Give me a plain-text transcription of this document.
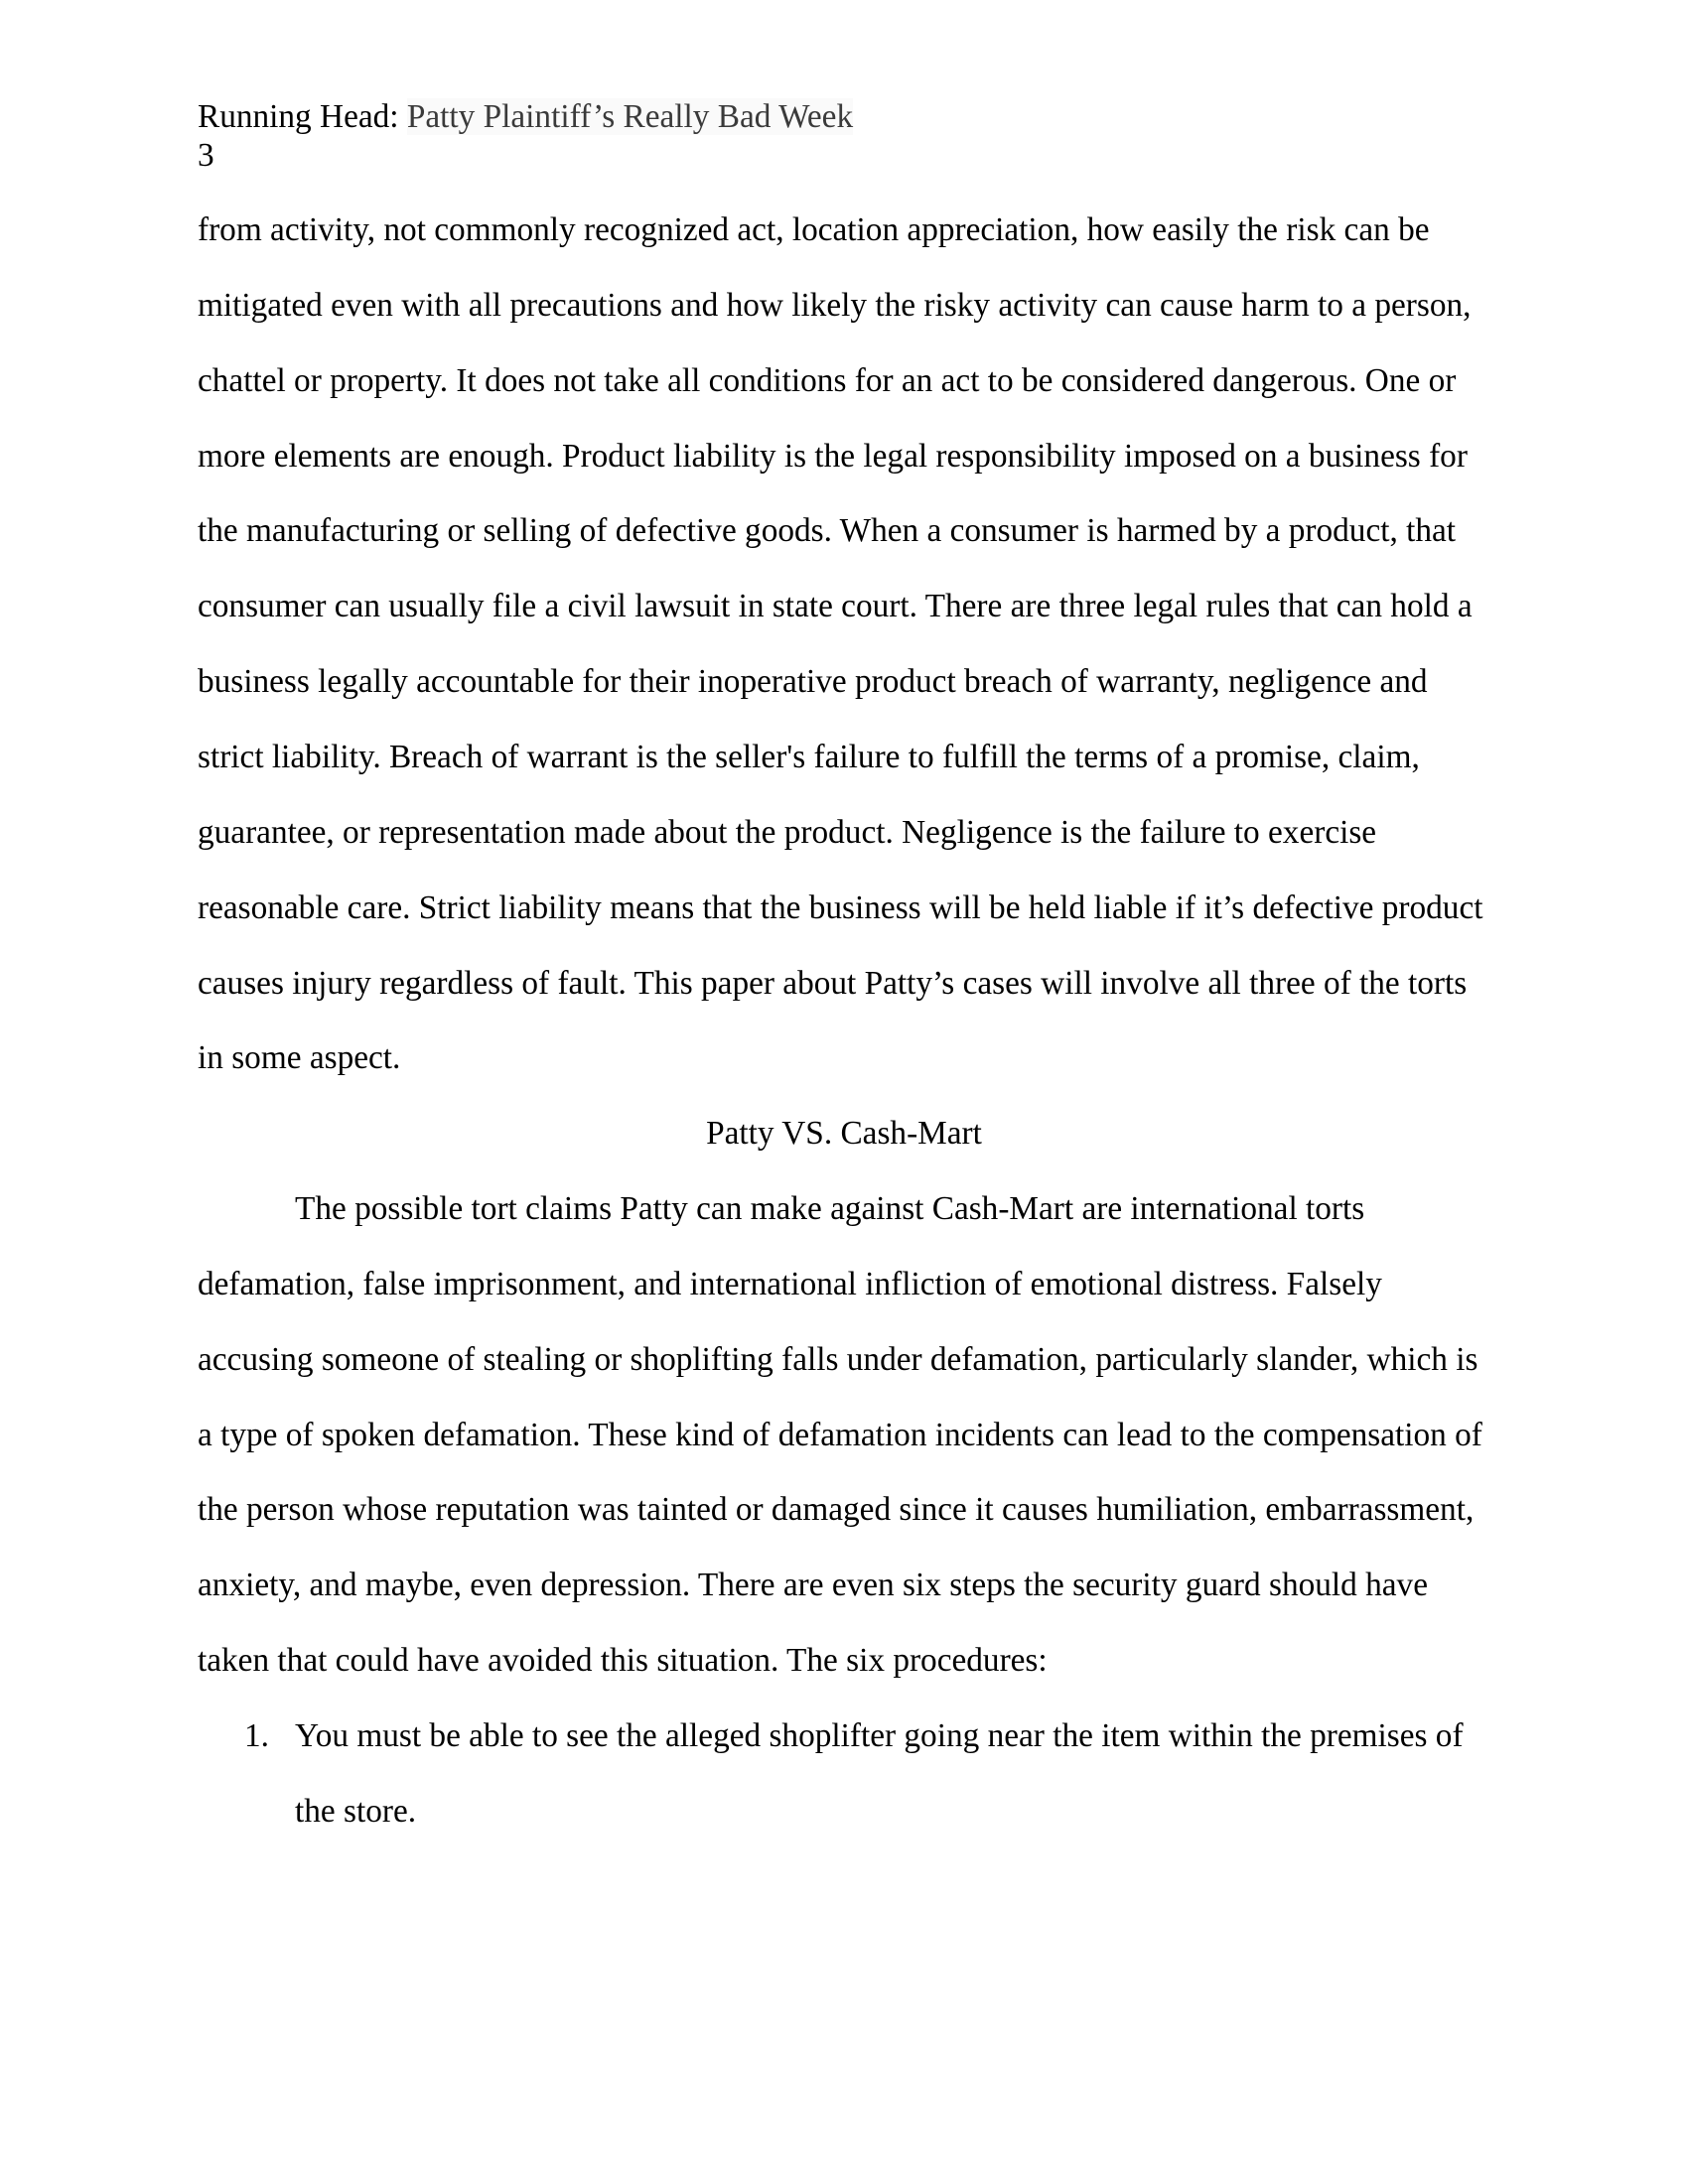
Running Head: Patty Plaintiff’s Really Bad Week
3
from activity, not commonly recognized act, location appreciation, how easily the risk can be
mitigated even with all precautions and how likely the risky activity can cause harm to a person,
chattel or property. It does not take all conditions for an act to be considered dangerous. One or
more elements are enough. Product liability is the legal responsibility imposed on a business for
the manufacturing or selling of defective goods. When a consumer is harmed by a product, that
consumer can usually file a civil lawsuit in state court. There are three legal rules that can hold a
business legally accountable for their inoperative product breach of warranty, negligence and
strict liability. Breach of warrant is the seller's failure to fulfill the terms of a promise, claim,
guarantee, or representation made about the product. Negligence is the failure to exercise
reasonable care. Strict liability means that the business will be held liable if it’s defective product
causes injury regardless of fault. This paper about Patty’s cases will involve all three of the torts
in some aspect.
Patty VS. Cash-Mart
The possible tort claims Patty can make against Cash-Mart are international torts
defamation, false imprisonment, and international infliction of emotional distress. Falsely
accusing someone of stealing or shoplifting falls under defamation, particularly slander, which is
a type of spoken defamation. These kind of defamation incidents can lead to the compensation of
the person whose reputation was tainted or damaged since it causes humiliation, embarrassment,
anxiety, and maybe, even depression. There are even six steps the security guard should have
taken that could have avoided this situation. The six procedures:
1. You must be able to see the alleged shoplifter going near the item within the premises of
the store.
